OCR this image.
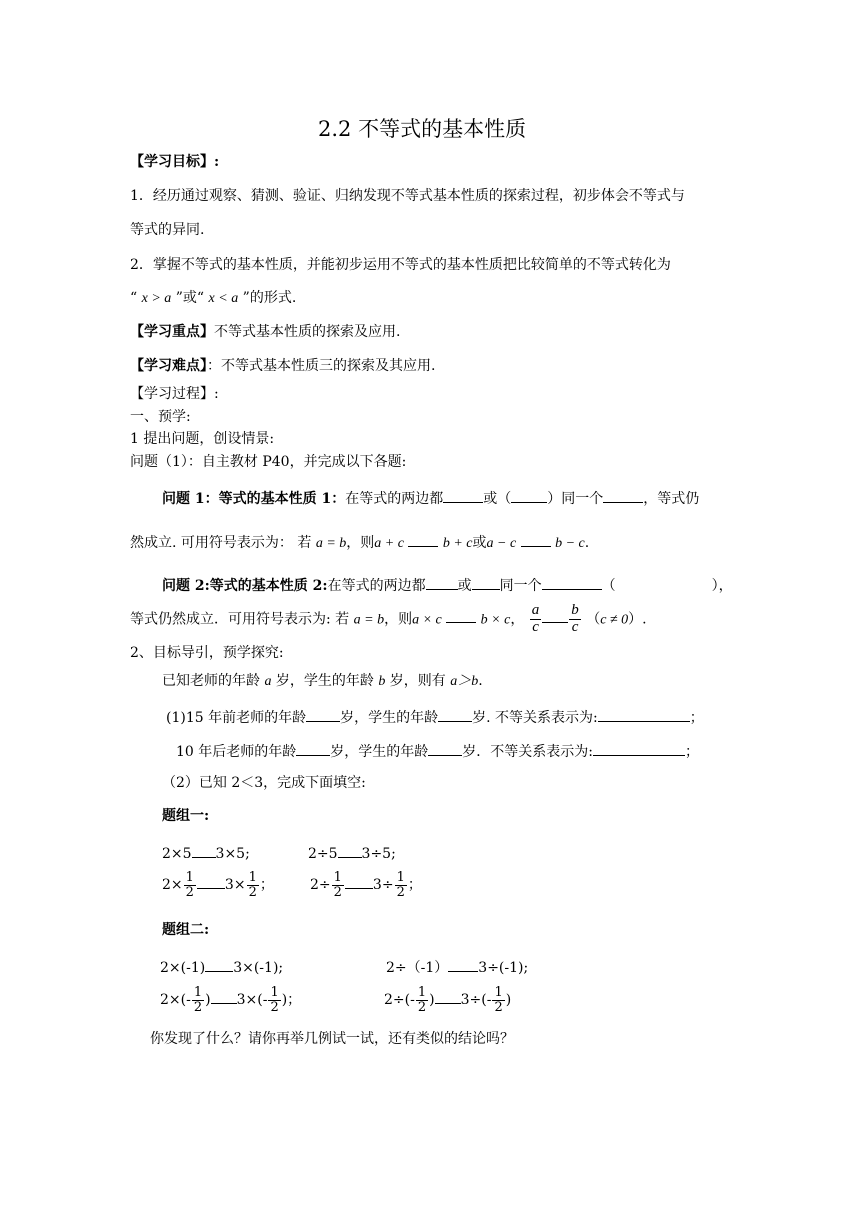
2.2 不等式的基本性质
【学习目标】:
1．经历通过观察、猜测、验证、归纳发现不等式基本性质的探索过程，初步体会不等式与
等式的异同.
2．掌握不等式的基本性质，并能初步运用不等式的基本性质把比较简单的不等式转化为
“ x > a ”或“ x < a ”的形式.
【学习重点】不等式基本性质的探索及应用.
【学习难点】：不等式基本性质三的探索及其应用.
【学习过程】:
一、预学:
1 提出问题，创设情景:
问题（1）：自主教材 P40，并完成以下各题:
问题 1：等式的基本性质 1：在等式的两边都	或（	）同一个	，等式仍
然成立. 可用符号表示为： 若 a = b，则a + c	b + c或a − c	b − c.
问题 2:等式的基本性质 2:在等式的两边都 或 同一个	（	），
等式仍然成立．可用符号表示为: 若 a = b，则a × c	b × c， $\frac{a}{c} \frac{b}{c} (c \ne 0)$.
2、目标导引，预学探究:
已知老师的年龄 a 岁，学生的年龄 b 岁，则有 a＞b.
(1)15 年前老师的年龄 岁，学生的年龄 岁. 不等关系表示为:	；
10 年后老师的年龄 岁，学生的年龄 岁．不等关系表示为:	；
（2）已知 2＜3，完成下面填空:
题组一:
2×5 3×5;	2÷5 3÷5;
$2\times \frac{1}{2} 3\times \frac{1}{2}$ ；	$2\div \frac{1}{2} 3\div \frac{1}{2}$ ；
题组二:
2×(-1) 3×(-1);	2÷（-1） 3÷(-1);
$2\times(- \frac{1}{2}$ ) $3\times(- \frac{1}{2}$ )；	$2\div(- \frac{1}{2}$ ) $3\div(- \frac{1}{2}$ )
你发现了什么？请你再举几例试一试，还有类似的结论吗？
